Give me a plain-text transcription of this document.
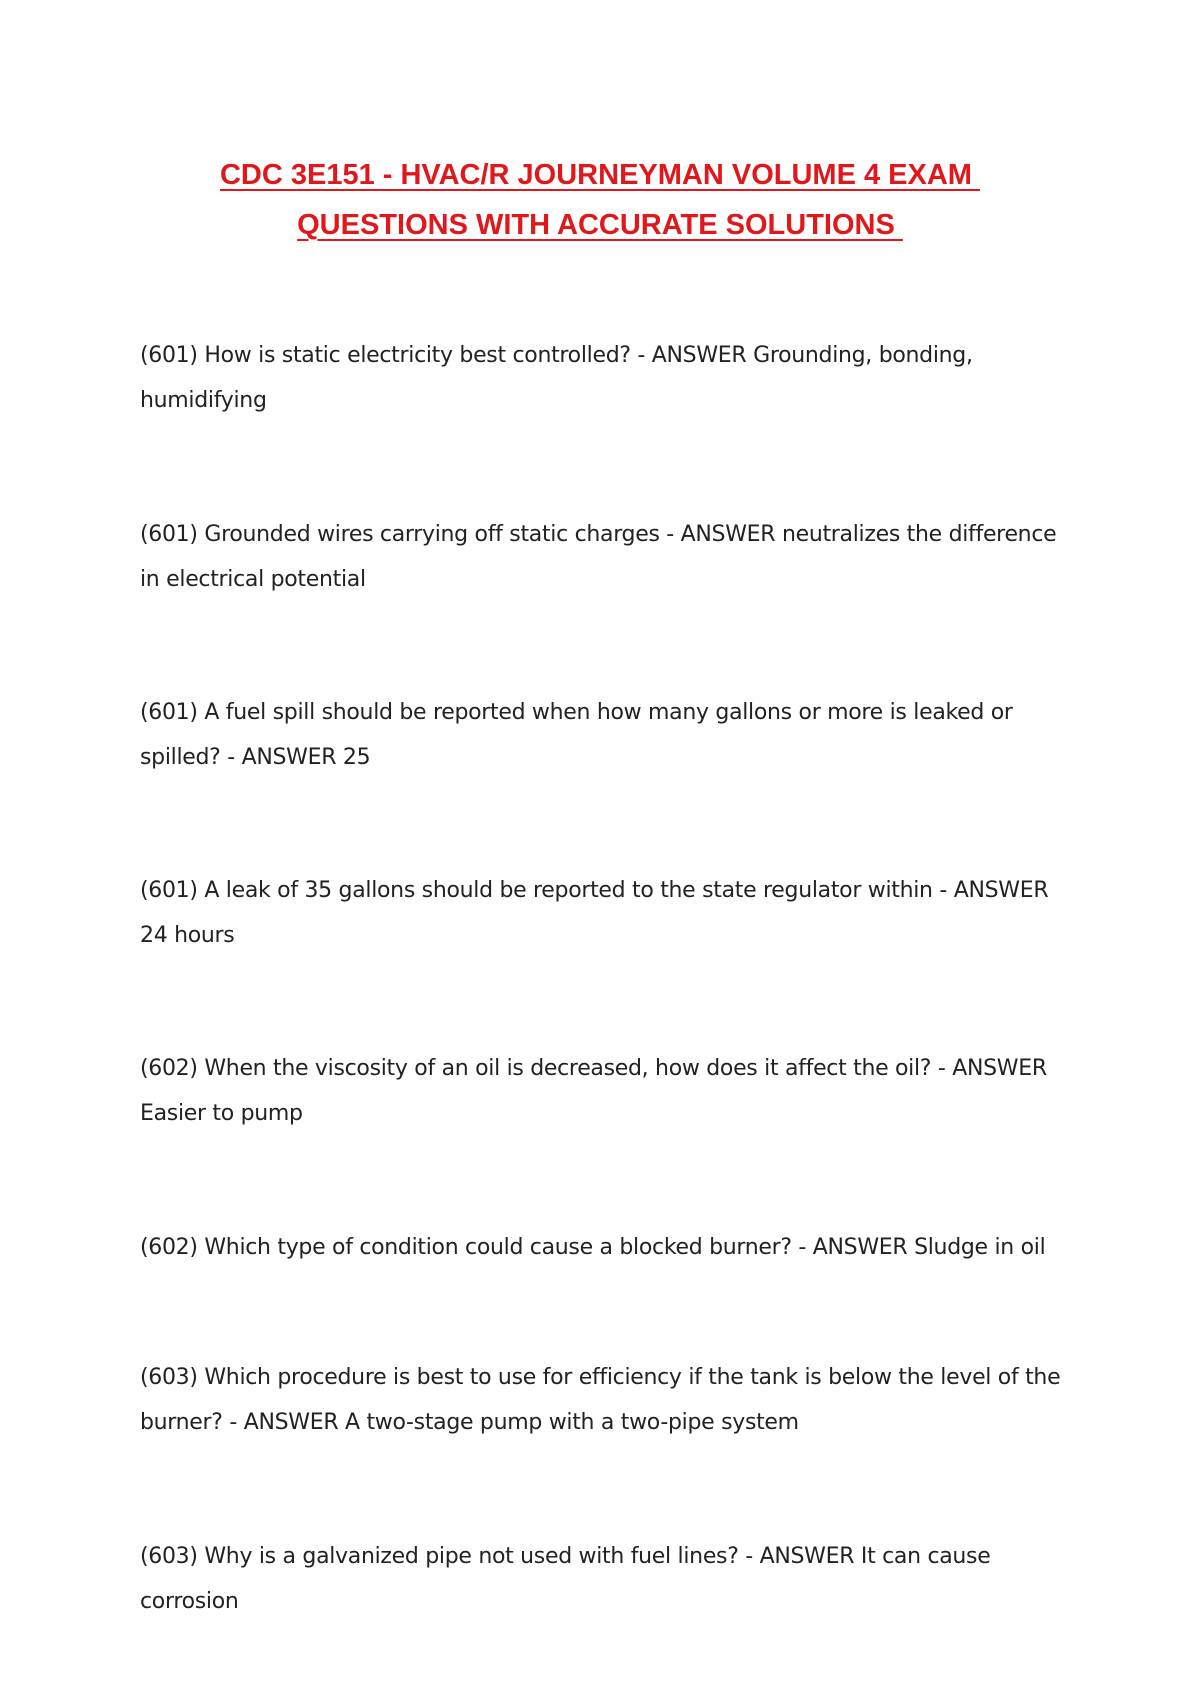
CDC 3E151 - HVAC/R JOURNEYMAN VOLUME 4 EXAM
QUESTIONS WITH ACCURATE SOLUTIONS
(601) How is static electricity best controlled? - ANSWER Grounding, bonding, humidifying
(601) Grounded wires carrying off static charges - ANSWER neutralizes the difference in electrical potential
(601) A fuel spill should be reported when how many gallons or more is leaked or spilled? - ANSWER 25
(601) A leak of 35 gallons should be reported to the state regulator within - ANSWER 24 hours
(602) When the viscosity of an oil is decreased, how does it affect the oil? - ANSWER Easier to pump
(602) Which type of condition could cause a blocked burner? - ANSWER Sludge in oil
(603) Which procedure is best to use for efficiency if the tank is below the level of the burner? - ANSWER A two-stage pump with a two-pipe system
(603) Why is a galvanized pipe not used with fuel lines? - ANSWER It can cause corrosion
